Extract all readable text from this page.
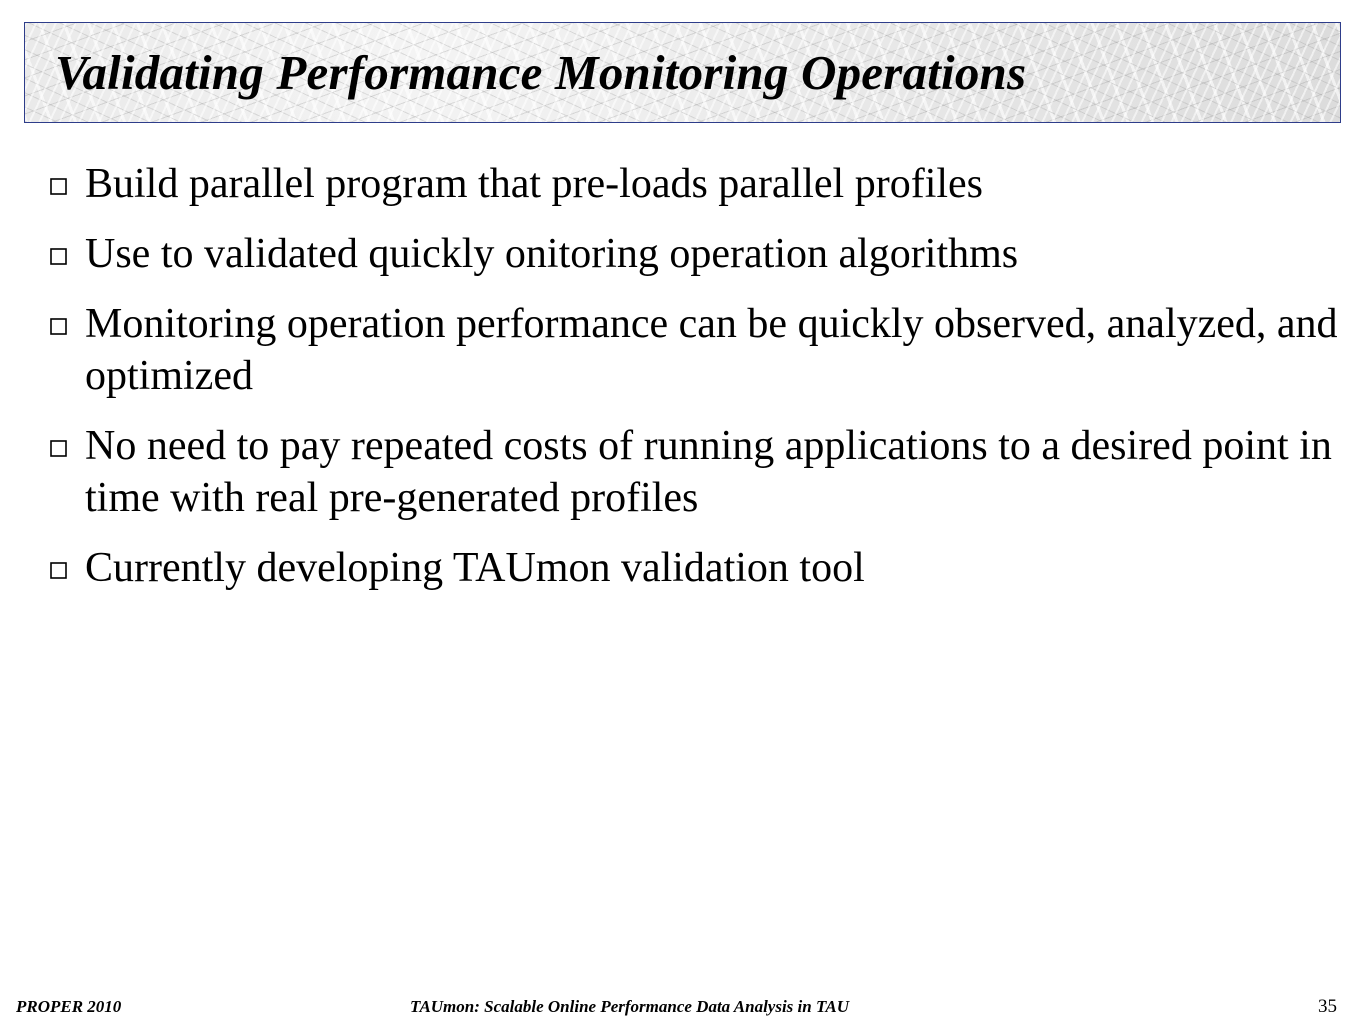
Validating Performance Monitoring Operations
Build parallel program that pre-loads parallel profiles
Use to validated quickly onitoring operation algorithms
Monitoring operation performance can be quickly observed, analyzed, and optimized
No need to pay repeated costs of running applications to a desired point in time with real pre-generated profiles
Currently developing TAUmon validation tool
PROPER 2010	TAUmon: Scalable Online Performance Data Analysis in TAU	35
